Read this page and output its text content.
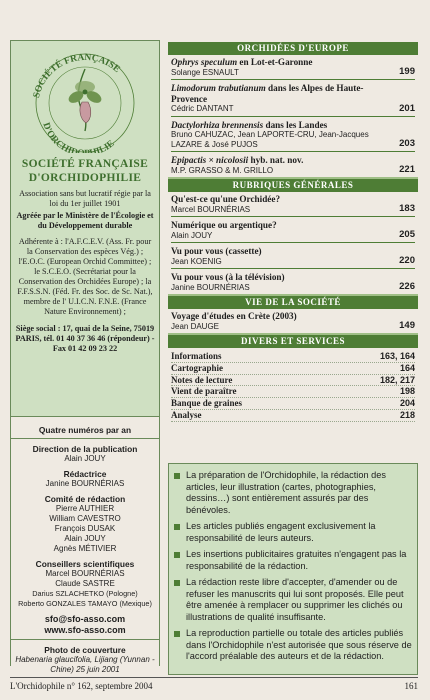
SOCIÉTÉ FRANÇAISE
D'ORCHID ILIE
SOCIÉTÉ FRANÇAISE
D'ORCHIDOPHILIE
Association sans but lucratif régie par la loi du 1er juillet 1901
Agréée par le Ministère de l'Écologie et du Développement durable
Adhérente à : l'A.F.C.E.V. (Ass. Fr. pour la Conservation des espèces Vég.) ; l'E.O.C. (European Orchid Committee) ; le S.C.E.O. (Secrétariat pour la Conservation des Orchidées Europe) ; la F.F.S.S.N. (Féd. Fr. des Soc. de Sc. Nat.), membre de l' U.I.C.N. F.N.E. (France Nature Environnement) ;
Siège social : 17, quai de la Seine, 75019 PARIS, tél. 01 40 37 36 46 (répondeur) - Fax 01 42 09 23 22
Quatre numéros par an
Direction de la publication
Alain JOUY
Rédactrice
Janine BOURNÉRIAS
Comité de rédaction
Pierre AUTHIER
William CAVESTRO
François DUSAK
Alain JOUY
Agnès MÉTIVIER
Conseillers scientifiques
Marcel BOURNÉRIAS
Claude SASTRE
Darius SZLACHETKO (Pologne)
Roberto GONZALES TAMAYO (Mexique)
sfo@sfo-asso.com
www.sfo-asso.com
Photo de couverture
Habenaria glaucifolia, Lijiang (Yunnan - Chine) 25 juin 2001
ORCHIDÉES D'EUROPE
Ophrys speculum en Lot-et-Garonne
Solange ESNAULT	199
Limodorum trabutianum dans les Alpes de Haute-Provence
Cédric DANTANT	201
Dactylorhiza brennensis dans les Landes
Bruno CAHUZAC, Jean LAPORTE-CRU, Jean-Jacques LAZARE & José PUJOS	203
Epipactis × nicolosii hyb. nat. nov.
M.P. GRASSO & M. GRILLO	221
RUBRIQUES GÉNÉRALES
Qu'est-ce qu'une Orchidée?
Marcel BOURNÉRIAS	183
Numérique ou argentique?
Alain JOUY	205
Vu pour vous (cassette)
Jean KOENIG	220
Vu pour vous (à la télévision)
Janine BOURNÉRIAS	226
VIE DE LA SOCIÉTÉ
Voyage d'études en Crète (2003)
Jean DAUGE	149
DIVERS ET SERVICES
Informations	163, 164
Cartographie	164
Notes de lecture	182, 217
Vient de paraître	198
Banque de graines	204
Analyse	218
La préparation de l'Orchidophile, la rédaction des articles, leur illustration (cartes, photographies, dessins…) sont entièrement assurés par des bénévoles.
Les articles publiés engagent exclusivement la responsabilité de leurs auteurs.
Les insertions publicitaires gratuites n'engagent pas la responsabilité de la rédaction.
La rédaction reste libre d'accepter, d'amender ou de refuser les manuscrits qui lui sont proposés. Elle peut être amenée à remplacer ou supprimer les clichés ou illustrations de qualité insuffisante.
La reproduction partielle ou totale des articles publiés dans l'Orchidophile n'est autorisée que sous réserve de l'accord préalable des auteurs et de la rédaction.
L'Orchidophile n° 162, septembre 2004	161
